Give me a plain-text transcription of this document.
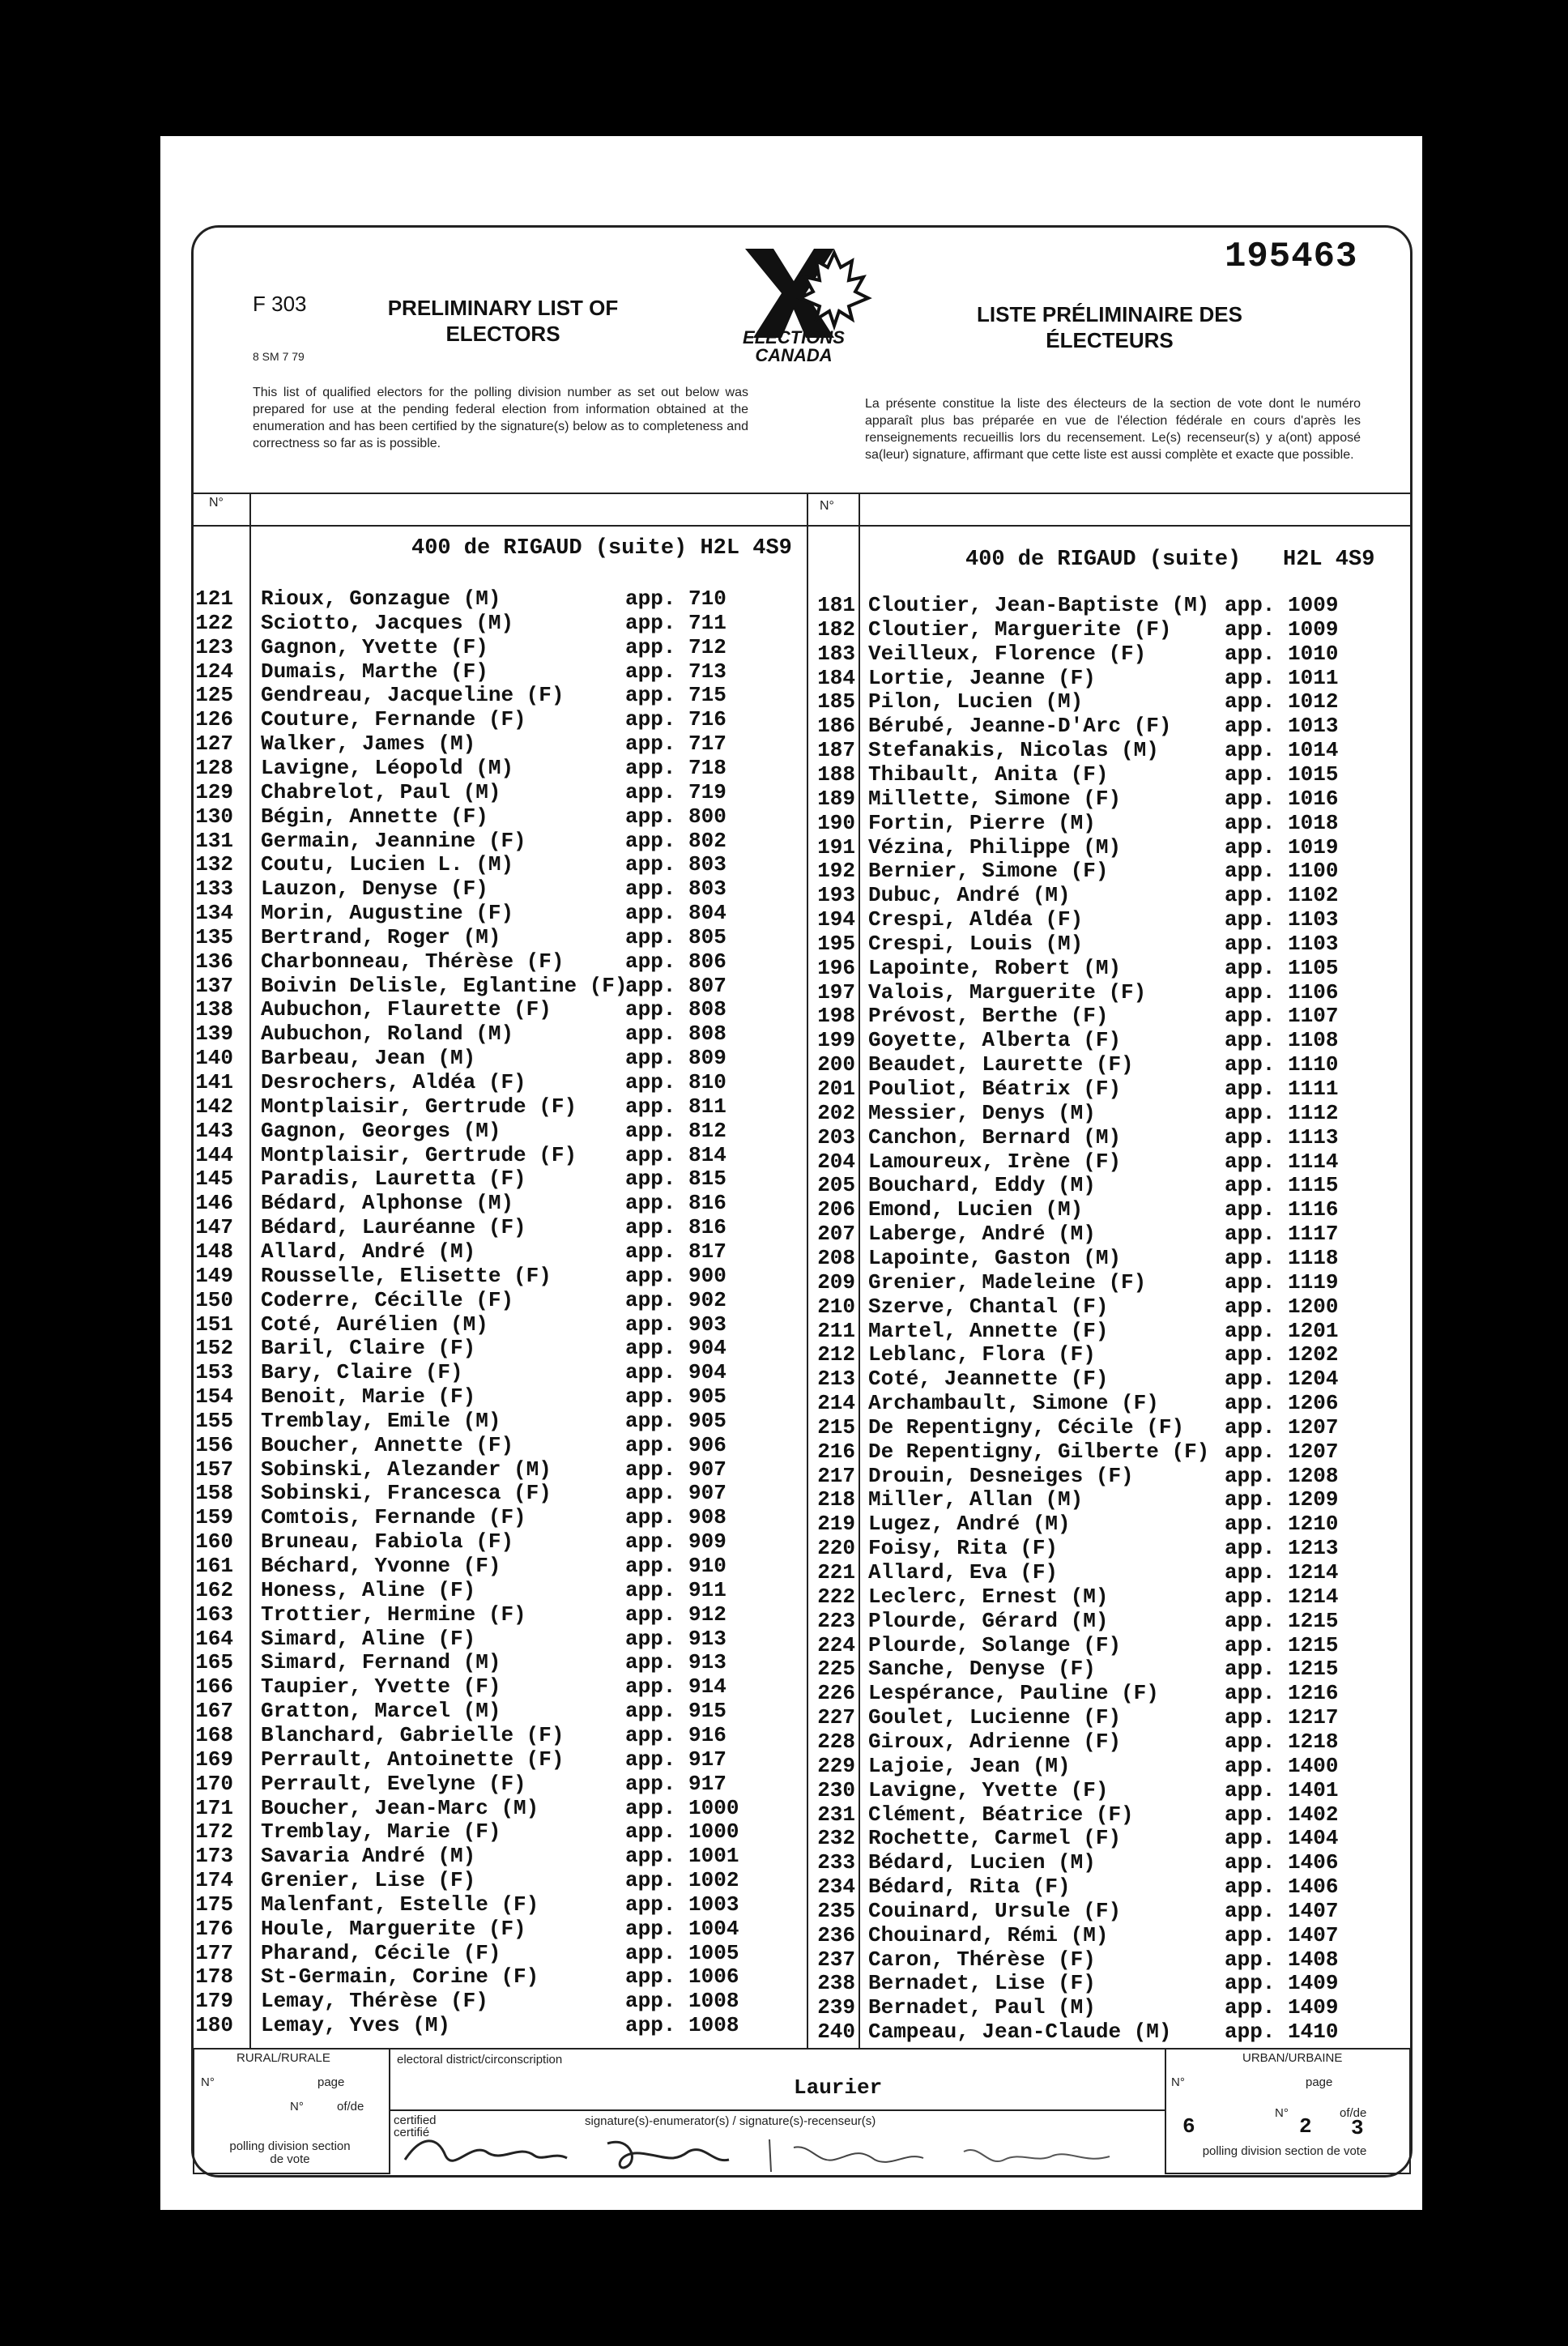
195463
F 303
8 SM 7 79
PRELIMINARY LIST OF ELECTORS
LISTE PRÉLIMINAIRE DES ÉLECTEURS
ELECTIONS CANADA
This list of qualified electors for the polling division number as set out below was prepared for use at the pending federal election from information obtained at the enumeration and has been certified by the signature(s) below as to completeness and correctness so far as is possible.
La présente constitue la liste des électeurs de la section de vote dont le numéro apparaît plus bas préparée en vue de l'élection fédérale en cours d'après les renseignements recueillis lors du recensement. Le(s) recenseur(s) y a(ont) apposé sa(leur) signature, affirmant que cette liste est aussi complète et exacte que possible.
N°	N°
400 de RIGAUD (suite) H2L 4S9	400 de RIGAUD (suite) H2L 4S9
121 Rioux, Gonzague (M)	app. 710
122 Sciotto, Jacques (M)	app. 711
123 Gagnon, Yvette (F)	app. 712
124 Dumais, Marthe (F)	app. 713
125 Gendreau, Jacqueline (F)	app. 715
126 Couture, Fernande (F)	app. 716
127 Walker, James (M)	app. 717
128 Lavigne, Léopold (M)	app. 718
129 Chabrelot, Paul (M)	app. 719
130 Bégin, Annette (F)	app. 800
131 Germain, Jeannine (F)	app. 802
132 Coutu, Lucien L. (M)	app. 803
133 Lauzon, Denyse (F)	app. 803
134 Morin, Augustine (F)	app. 804
135 Bertrand, Roger (M)	app. 805
136 Charbonneau, Thérèse (F)	app. 806
137 Boivin Delisle, Eglantine (F)
app. 807
138 Aubuchon, Flaurette (F)	app. 808
139 Aubuchon, Roland (M)	app. 808
140 Barbeau, Jean (M)	app. 809
141 Desrochers, Aldéa (F)	app. 810
142 Montplaisir, Gertrude (F) app. 811
143 Gagnon, Georges (M)	app. 812
144 Montplaisir, Gertrude (F) app. 814
145 Paradis, Lauretta (F)	app. 815
146 Bédard, Alphonse (M)	app. 816
147 Bédard, Lauréanne (F)	app. 816
148 Allard, André (M)	app. 817
149 Rousselle, Elisette (F)	app. 900
150 Coderre, Cécille (F)	app. 902
151 Coté, Aurélien (M)	app. 903
152 Baril, Claire (F)	app. 904
153 Bary, Claire (F)	app. 904
154 Benoit, Marie (F)	app. 905
155 Tremblay, Emile (M)	app. 905
156 Boucher, Annette (F)	app. 906
157 Sobinski, Alezander (M)	app. 907
158 Sobinski, Francesca (F)	app. 907
159 Comtois, Fernande (F)	app. 908
160 Bruneau, Fabiola (F)	app. 909
161 Béchard, Yvonne (F)	app. 910
162 Honess, Aline (F)	app. 911
163 Trottier, Hermine (F)	app. 912
164 Simard, Aline (F)	app. 913
165 Simard, Fernand (M)	app. 913
166 Taupier, Yvette (F)	app. 914
167 Gratton, Marcel (M)	app. 915
168 Blanchard, Gabrielle (F)	app. 916
169 Perrault, Antoinette (F)	app. 917
170 Perrault, Evelyne (F)	app. 917
171 Boucher, Jean-Marc (M)	app. 1000
172 Tremblay, Marie (F)	app. 1000
173 Savaria André (M)	app. 1001
174 Grenier, Lise (F)	app. 1002
175 Malenfant, Estelle (F)	app. 1003
176 Houle, Marguerite (F)	app. 1004
177 Pharand, Cécile (F)	app. 1005
178 St-Germain, Corine (F)	app. 1006
179 Lemay, Thérèse (F)	app. 1008
180 Lemay, Yves (M)	app. 1008
181 Cloutier, Jean-Baptiste (M) app. 1009
182 Cloutier, Marguerite (F)	app. 1009
183 Veilleux, Florence (F)	app. 1010
184 Lortie, Jeanne (F)	app. 1011
185 Pilon, Lucien (M)	app. 1012
186 Bérubé, Jeanne-D'Arc (F)	app. 1013
187 Stefanakis, Nicolas (M)	app. 1014
188 Thibault, Anita (F)	app. 1015
189 Millette, Simone (F)	app. 1016
190 Fortin, Pierre (M)	app. 1018
191 Vézina, Philippe (M)	app. 1019
192 Bernier, Simone (F)	app. 1100
193 Dubuc, André (M)	app. 1102
194 Crespi, Aldéa (F)	app. 1103
195 Crespi, Louis (M)	app. 1103
196 Lapointe, Robert (M)	app. 1105
197 Valois, Marguerite (F)	app. 1106
198 Prévost, Berthe (F)	app. 1107
199 Goyette, Alberta (F)	app. 1108
200 Beaudet, Laurette (F)	app. 1110
201 Pouliot, Béatrix (F)	app. 1111
202 Messier, Denys (M)	app. 1112
203 Canchon, Bernard (M)	app. 1113
204 Lamoureux, Irène (F)	app. 1114
205 Bouchard, Eddy (M)	app. 1115
206 Emond, Lucien (M)	app. 1116
207 Laberge, André (M)	app. 1117
208 Lapointe, Gaston (M)	app. 1118
209 Grenier, Madeleine (F)	app. 1119
210 Szerve, Chantal (F)	app. 1200
211 Martel, Annette (F)	app. 1201
212 Leblanc, Flora (F)	app. 1202
213 Coté, Jeannette (F)	app. 1204
214 Archambault, Simone (F)	app. 1206
215 De Repentigny, Cécile (F) app. 1207
216 De Repentigny, Gilberte (F) app. 1207
217 Drouin, Desneiges (F)	app. 1208
218 Miller, Allan (M)	app. 1209
219 Lugez, André (M)	app. 1210
220 Foisy, Rita (F)	app. 1213
221 Allard, Eva (F)	app. 1214
222 Leclerc, Ernest (M)	app. 1214
223 Plourde, Gérard (M)	app. 1215
224 Plourde, Solange (F)	app. 1215
225 Sanche, Denyse (F)	app. 1215
226 Lespérance, Pauline (F)	app. 1216
227 Goulet, Lucienne (F)	app. 1217
228 Giroux, Adrienne (F)	app. 1218
229 Lajoie, Jean (M)	app. 1400
230 Lavigne, Yvette (F)	app. 1401
231 Clément, Béatrice (F)	app. 1402
232 Rochette, Carmel (F)	app. 1404
233 Bédard, Lucien (M)	app. 1406
234 Bédard, Rita (F)	app. 1406
235 Couinard, Ursule (F)	app. 1407
236 Chouinard, Rémi (M)	app. 1407
237 Caron, Thérèse (F)	app. 1408
238 Bernadet, Lise (F)	app. 1409
239 Bernadet, Paul (M)	app. 1409
240 Campeau, Jean-Claude (M)	app. 1410
RURAL/RURALE
N°	page
N°	of/de
polling division section de vote
electoral district/circonscription
Laurier
certified certifié
signature(s)-enumerator(s) / signature(s)-recenseur(s)
URBAN/URBAINE
N°	page
6
N°
2
of/de
3
polling division section de vote
